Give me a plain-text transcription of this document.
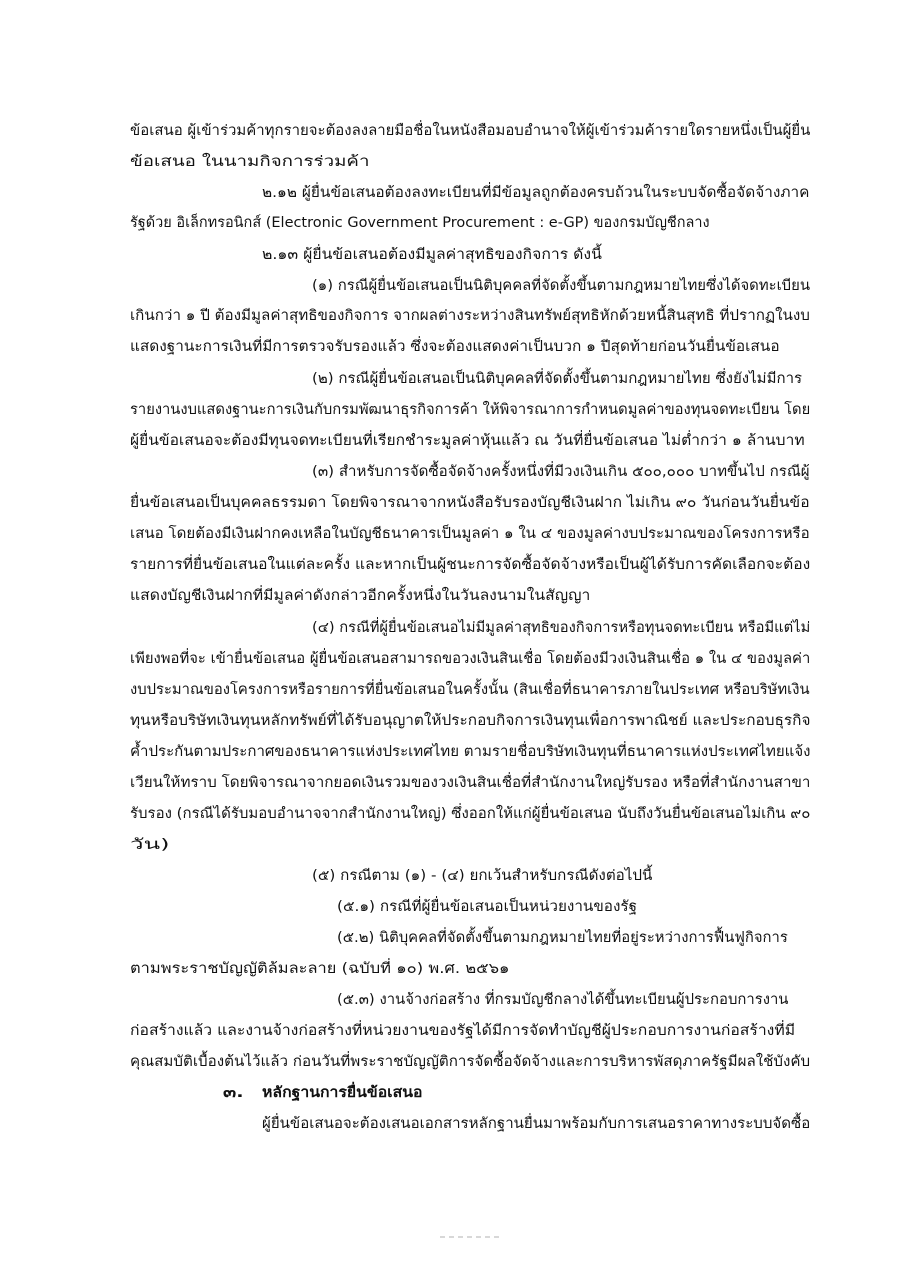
ข้อเสนอ ผู้เข้าร่วมค้าทุกรายจะต้องลงลายมือชื่อในหนังสือมอบอำนาจให้ผู้เข้าร่วมค้ารายใดรายหนึ่งเป็นผู้ยื่น
ข้อเสนอ ในนามกิจการร่วมค้า
๒.๑๒ ผู้ยื่นข้อเสนอต้องลงทะเบียนที่มีข้อมูลถูกต้องครบถ้วนในระบบจัดซื้อจัดจ้างภาค
รัฐด้วย อิเล็กทรอนิกส์ (Electronic Government Procurement : e-GP) ของกรมบัญชีกลาง
๒.๑๓ ผู้ยื่นข้อเสนอต้องมีมูลค่าสุทธิของกิจการ ดังนี้
(๑) กรณีผู้ยื่นข้อเสนอเป็นนิติบุคคลที่จัดตั้งขึ้นตามกฎหมายไทยซึ่งได้จดทะเบียน
เกินกว่า ๑ ปี ต้องมีมูลค่าสุทธิของกิจการ จากผลต่างระหว่างสินทรัพย์สุทธิหักด้วยหนี้สินสุทธิ ที่ปรากฏในงบ
แสดงฐานะการเงินที่มีการตรวจรับรองแล้ว ซึ่งจะต้องแสดงค่าเป็นบวก ๑ ปีสุดท้ายก่อนวันยื่นข้อเสนอ
(๒) กรณีผู้ยื่นข้อเสนอเป็นนิติบุคคลที่จัดตั้งขึ้นตามกฎหมายไทย ซึ่งยังไม่มีการ
รายงานงบแสดงฐานะการเงินกับกรมพัฒนาธุรกิจการค้า ให้พิจารณาการกำหนดมูลค่าของทุนจดทะเบียน โดย
ผู้ยื่นข้อเสนอจะต้องมีทุนจดทะเบียนที่เรียกชำระมูลค่าหุ้นแล้ว ณ วันที่ยื่นข้อเสนอ ไม่ต่ำกว่า ๑ ล้านบาท
(๓) สำหรับการจัดซื้อจัดจ้างครั้งหนึ่งที่มีวงเงินเกิน ๕๐๐,๐๐๐ บาทขึ้นไป กรณีผู้
ยื่นข้อเสนอเป็นบุคคลธรรมดา โดยพิจารณาจากหนังสือรับรองบัญชีเงินฝาก ไม่เกิน ๙๐ วันก่อนวันยื่นข้อ
เสนอ โดยต้องมีเงินฝากคงเหลือในบัญชีธนาคารเป็นมูลค่า ๑ ใน ๔ ของมูลค่างบประมาณของโครงการหรือ
รายการที่ยื่นข้อเสนอในแต่ละครั้ง และหากเป็นผู้ชนะการจัดซื้อจัดจ้างหรือเป็นผู้ได้รับการคัดเลือกจะต้อง
แสดงบัญชีเงินฝากที่มีมูลค่าดังกล่าวอีกครั้งหนึ่งในวันลงนามในสัญญา
(๔) กรณีที่ผู้ยื่นข้อเสนอไม่มีมูลค่าสุทธิของกิจการหรือทุนจดทะเบียน หรือมีแต่ไม่
เพียงพอที่จะ เข้ายื่นข้อเสนอ ผู้ยื่นข้อเสนอสามารถขอวงเงินสินเชื่อ โดยต้องมีวงเงินสินเชื่อ ๑ ใน ๔ ของมูลค่า
งบประมาณของโครงการหรือรายการที่ยื่นข้อเสนอในครั้งนั้น (สินเชื่อที่ธนาคารภายในประเทศ หรือบริษัทเงิน
ทุนหรือบริษัทเงินทุนหลักทรัพย์ที่ได้รับอนุญาตให้ประกอบกิจการเงินทุนเพื่อการพาณิชย์ และประกอบธุรกิจ
ค้ำประกันตามประกาศของธนาคารแห่งประเทศไทย ตามรายชื่อบริษัทเงินทุนที่ธนาคารแห่งประเทศไทยแจ้ง
เวียนให้ทราบ โดยพิจารณาจากยอดเงินรวมของวงเงินสินเชื่อที่สำนักงานใหญ่รับรอง หรือที่สำนักงานสาขา
รับรอง (กรณีได้รับมอบอำนาจจากสำนักงานใหญ่) ซึ่งออกให้แก่ผู้ยื่นข้อเสนอ นับถึงวันยื่นข้อเสนอไม่เกิน ๙๐
วัน)
(๕) กรณีตาม (๑) - (๔) ยกเว้นสำหรับกรณีดังต่อไปนี้
(๕.๑) กรณีที่ผู้ยื่นข้อเสนอเป็นหน่วยงานของรัฐ
(๕.๒) นิติบุคคลที่จัดตั้งขึ้นตามกฎหมายไทยที่อยู่ระหว่างการฟื้นฟูกิจการ
ตามพระราชบัญญัติล้มละลาย (ฉบับที่ ๑๐) พ.ศ. ๒๕๖๑
(๕.๓) งานจ้างก่อสร้าง ที่กรมบัญชีกลางได้ขึ้นทะเบียนผู้ประกอบการงาน
ก่อสร้างแล้ว และงานจ้างก่อสร้างที่หน่วยงานของรัฐได้มีการจัดทำบัญชีผู้ประกอบการงานก่อสร้างที่มี
คุณสมบัติเบื้องต้นไว้แล้ว ก่อนวันที่พระราชบัญญัติการจัดซื้อจัดจ้างและการบริหารพัสดุภาครัฐมีผลใช้บังคับ
๓. หลักฐานการยื่นข้อเสนอ
ผู้ยื่นข้อเสนอจะต้องเสนอเอกสารหลักฐานยื่นมาพร้อมกับการเสนอราคาทางระบบจัดซื้อ
